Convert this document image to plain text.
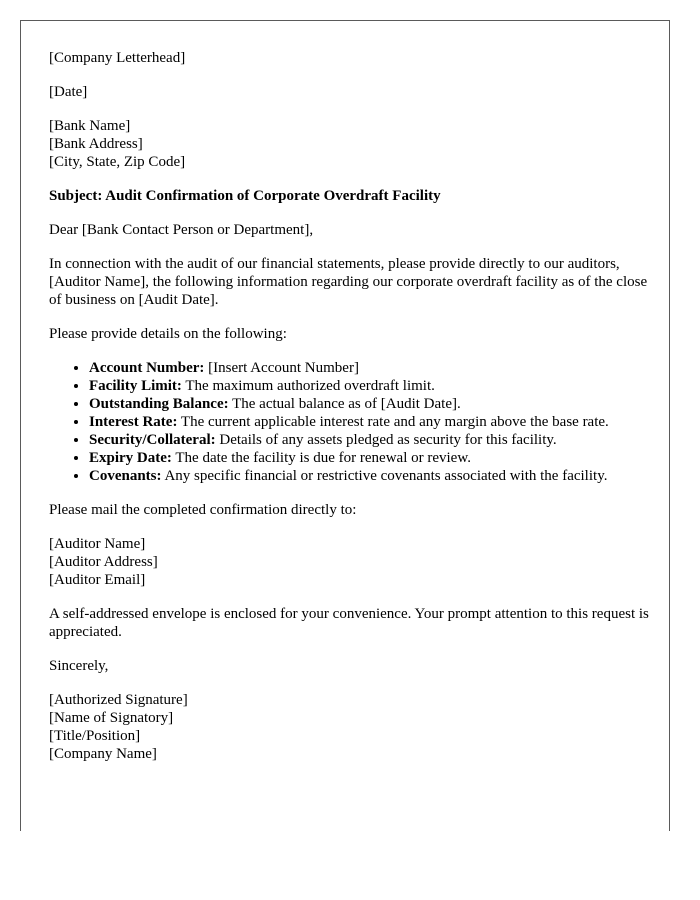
[Company Letterhead]

[Date]

[Bank Name]
[Bank Address]
[City, State, Zip Code]

Subject: Audit Confirmation of Corporate Overdraft Facility

Dear [Bank Contact Person or Department],

In connection with the audit of our financial statements, please provide directly to our auditors, [Auditor Name], the following information regarding our corporate overdraft facility as of the close of business on [Audit Date].

Please provide details on the following:

• Account Number: [Insert Account Number]
• Facility Limit: The maximum authorized overdraft limit.
• Outstanding Balance: The actual balance as of [Audit Date].
• Interest Rate: The current applicable interest rate and any margin above the base rate.
• Security/Collateral: Details of any assets pledged as security for this facility.
• Expiry Date: The date the facility is due for renewal or review.
• Covenants: Any specific financial or restrictive covenants associated with the facility.

Please mail the completed confirmation directly to:

[Auditor Name]
[Auditor Address]
[Auditor Email]

A self-addressed envelope is enclosed for your convenience. Your prompt attention to this request is appreciated.

Sincerely,

[Authorized Signature]
[Name of Signatory]
[Title/Position]
[Company Name]
